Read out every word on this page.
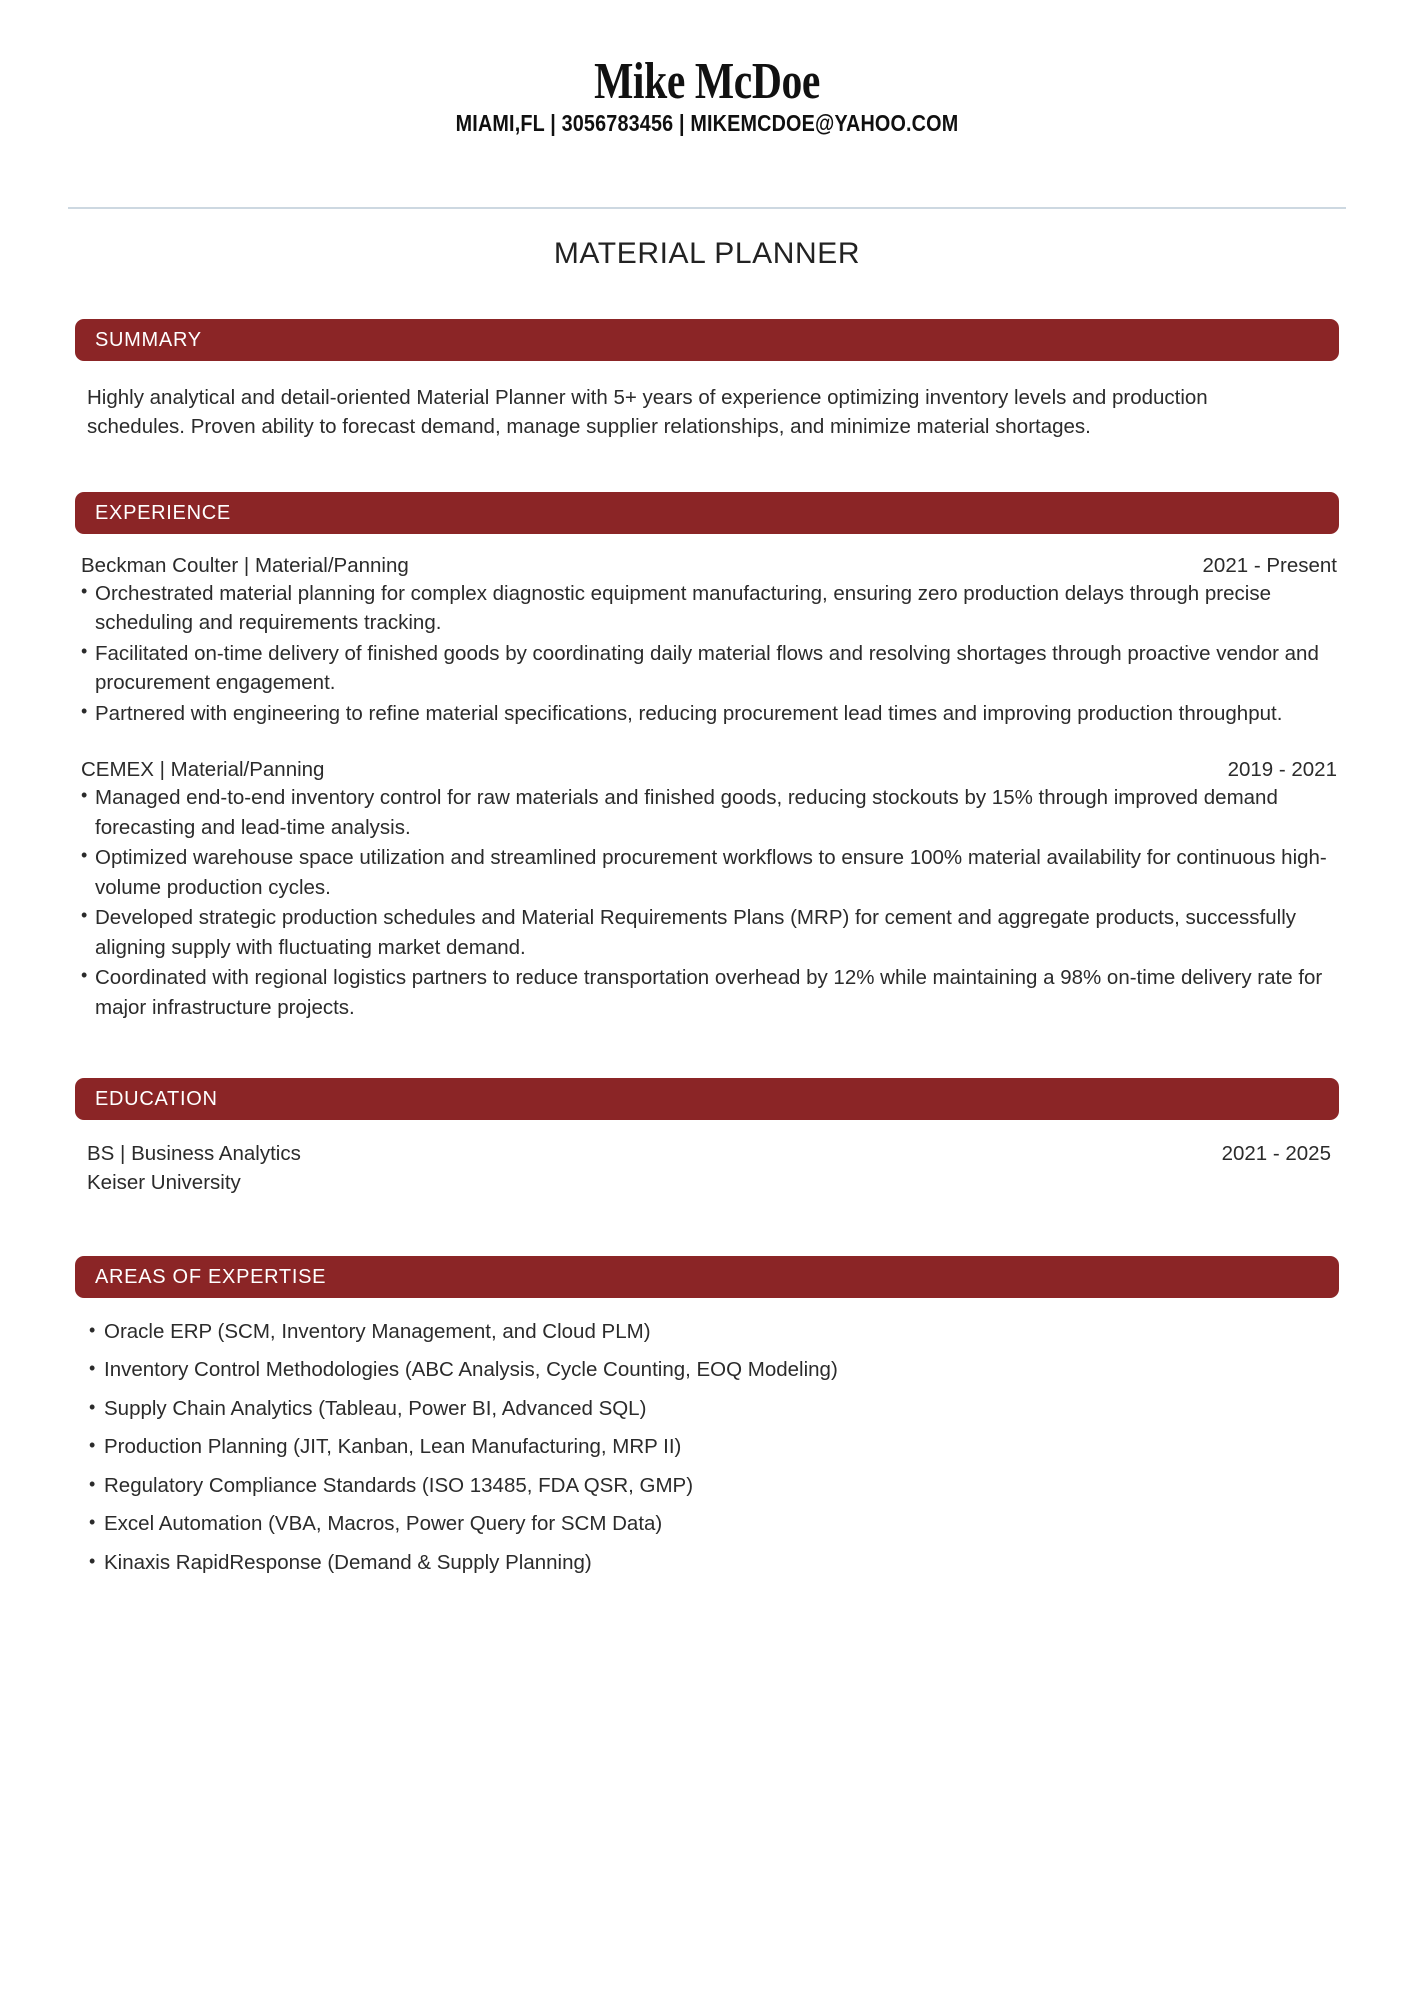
Mike McDoe
MIAMI,FL | 3056783456 | MIKEMCDOE@YAHOO.COM
MATERIAL PLANNER
SUMMARY

Highly analytical and detail-oriented Material Planner with 5+ years of experience optimizing inventory levels and production schedules. Proven ability to forecast demand, manage supplier relationships, and minimize material shortages.

EXPERIENCE
Beckman Coulter | Material/Panning	2021 - Present
• Orchestrated material planning for complex diagnostic equipment manufacturing, ensuring zero production delays through precise scheduling and requirements tracking.
• Facilitated on-time delivery of finished goods by coordinating daily material flows and resolving shortages through proactive vendor and procurement engagement.
• Partnered with engineering to refine material specifications, reducing procurement lead times and improving production throughput.
CEMEX | Material/Panning	2019 - 2021
• Managed end-to-end inventory control for raw materials and finished goods, reducing stockouts by 15% through improved demand forecasting and lead-time analysis.
• Optimized warehouse space utilization and streamlined procurement workflows to ensure 100% material availability for continuous high-volume production cycles.
• Developed strategic production schedules and Material Requirements Plans (MRP) for cement and aggregate products, successfully aligning supply with fluctuating market demand.
• Coordinated with regional logistics partners to reduce transportation overhead by 12% while maintaining a 98% on-time delivery rate for major infrastructure projects.
EDUCATION
BS | Business Analytics	2021 - 2025
Keiser University
AREAS OF EXPERTISE
• Oracle ERP (SCM, Inventory Management, and Cloud PLM)
• Inventory Control Methodologies (ABC Analysis, Cycle Counting, EOQ Modeling)
• Supply Chain Analytics (Tableau, Power BI, Advanced SQL)
• Production Planning (JIT, Kanban, Lean Manufacturing, MRP II)
• Regulatory Compliance Standards (ISO 13485, FDA QSR, GMP)
• Excel Automation (VBA, Macros, Power Query for SCM Data)
• Kinaxis RapidResponse (Demand & Supply Planning)
